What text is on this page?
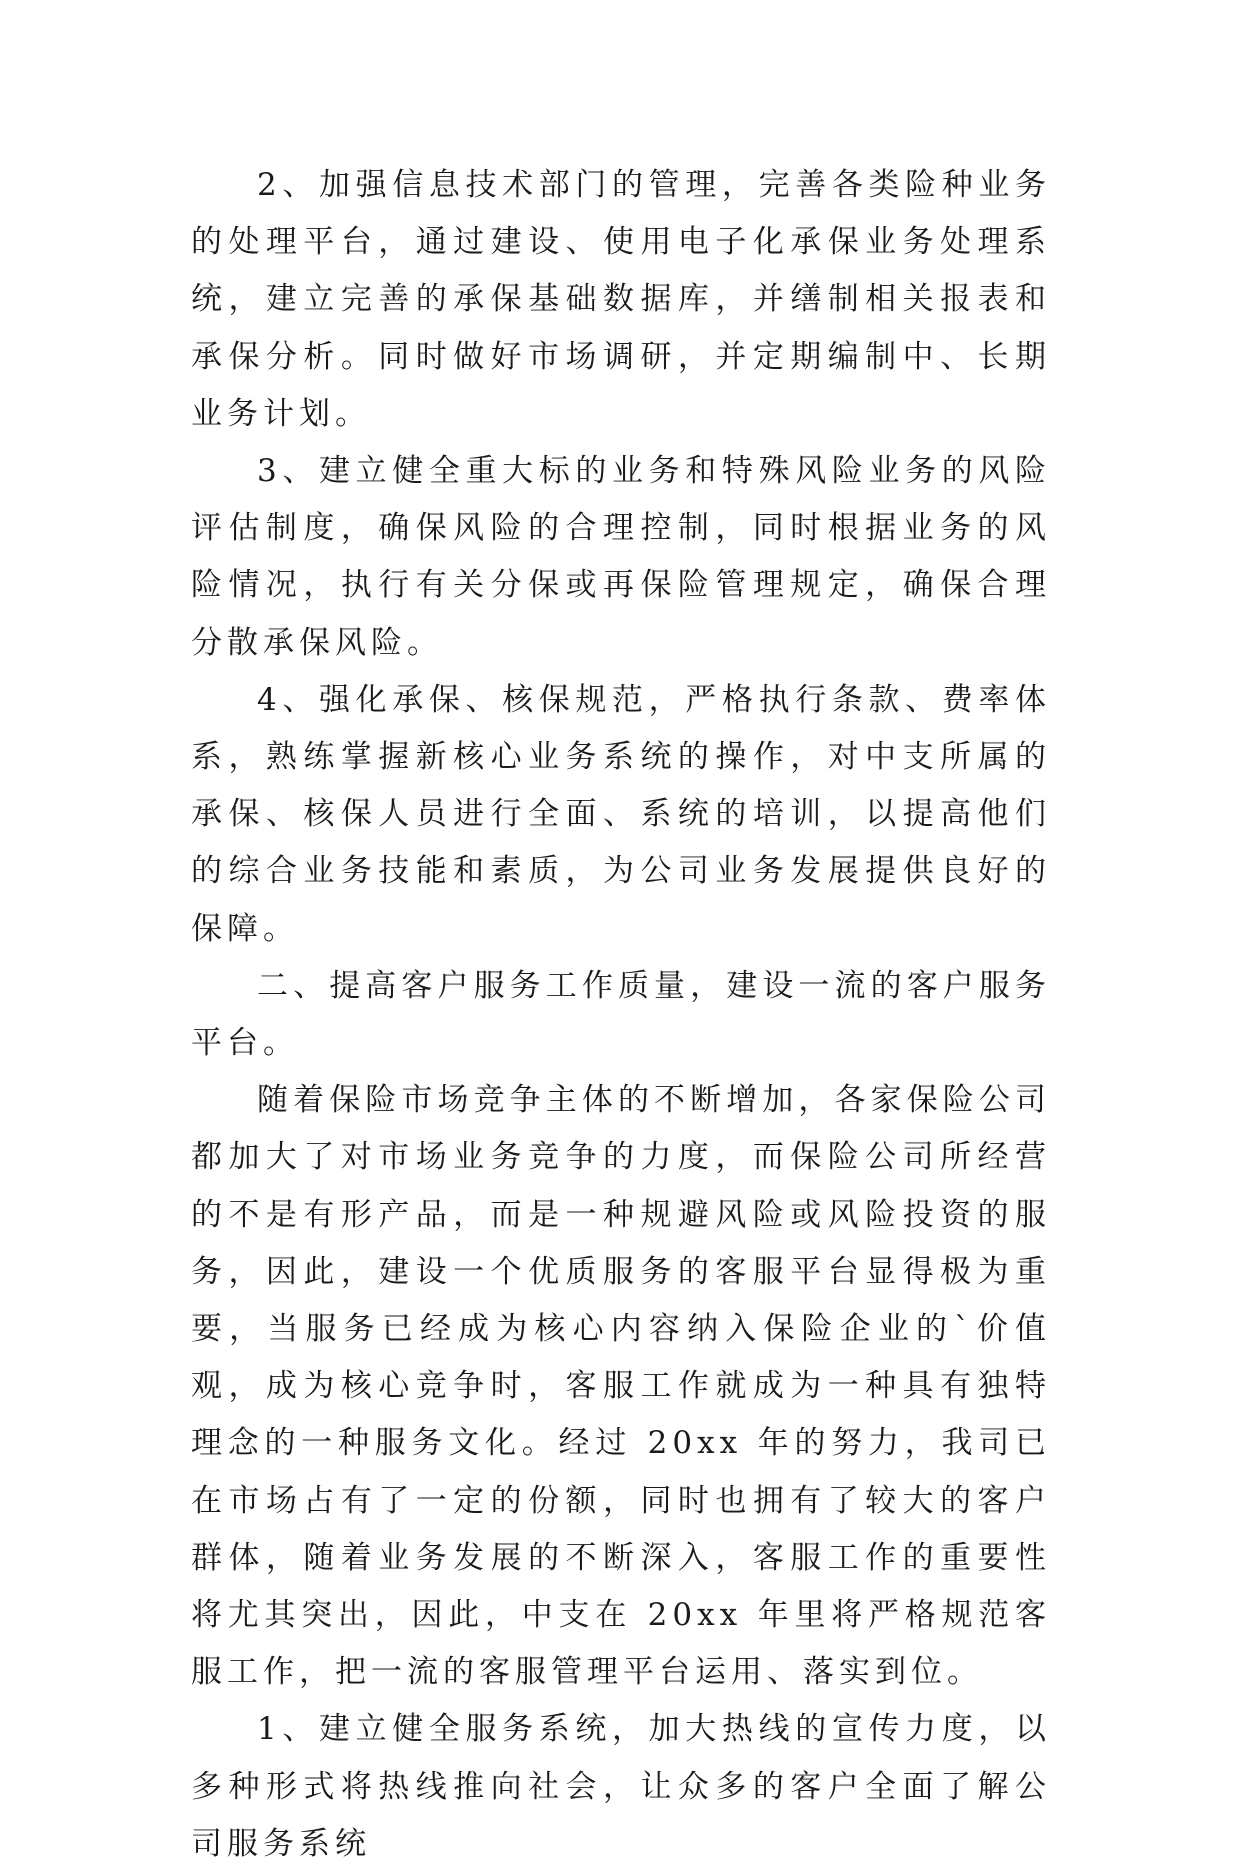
2、加强信息技术部门的管理，完善各类险种业务的处理平台，通过建设、使用电子化承保业务处理系统，建立完善的承保基础数据库，并缮制相关报表和承保分析。同时做好市场调研，并定期编制中、长期业务计划。

3、建立健全重大标的业务和特殊风险业务的风险评估制度，确保风险的合理控制，同时根据业务的风险情况，执行有关分保或再保险管理规定，确保合理分散承保风险。

4、强化承保、核保规范，严格执行条款、费率体系，熟练掌握新核心业务系统的操作，对中支所属的承保、核保人员进行全面、系统的培训，以提高他们的综合业务技能和素质，为公司业务发展提供良好的保障。

二、提高客户服务工作质量，建设一流的客户服务平台。

随着保险市场竞争主体的不断增加，各家保险公司都加大了对市场业务竞争的力度，而保险公司所经营的不是有形产品，而是一种规避风险或风险投资的服务，因此，建设一个优质服务的客服平台显得极为重要，当服务已经成为核心内容纳入保险企业的`价值观，成为核心竞争时，客服工作就成为一种具有独特理念的一种服务文化。经过 20xx 年的努力，我司已在市场占有了一定的份额，同时也拥有了较大的客户群体，随着业务发展的不断深入，客服工作的重要性将尤其突出，因此，中支在 20xx 年里将严格规范客服工作，把一流的客服管理平台运用、落实到位。

1、建立健全服务系统，加大热线的宣传力度，以多种形式将热线推向社会，让众多的客户全面了解公司服务系统
